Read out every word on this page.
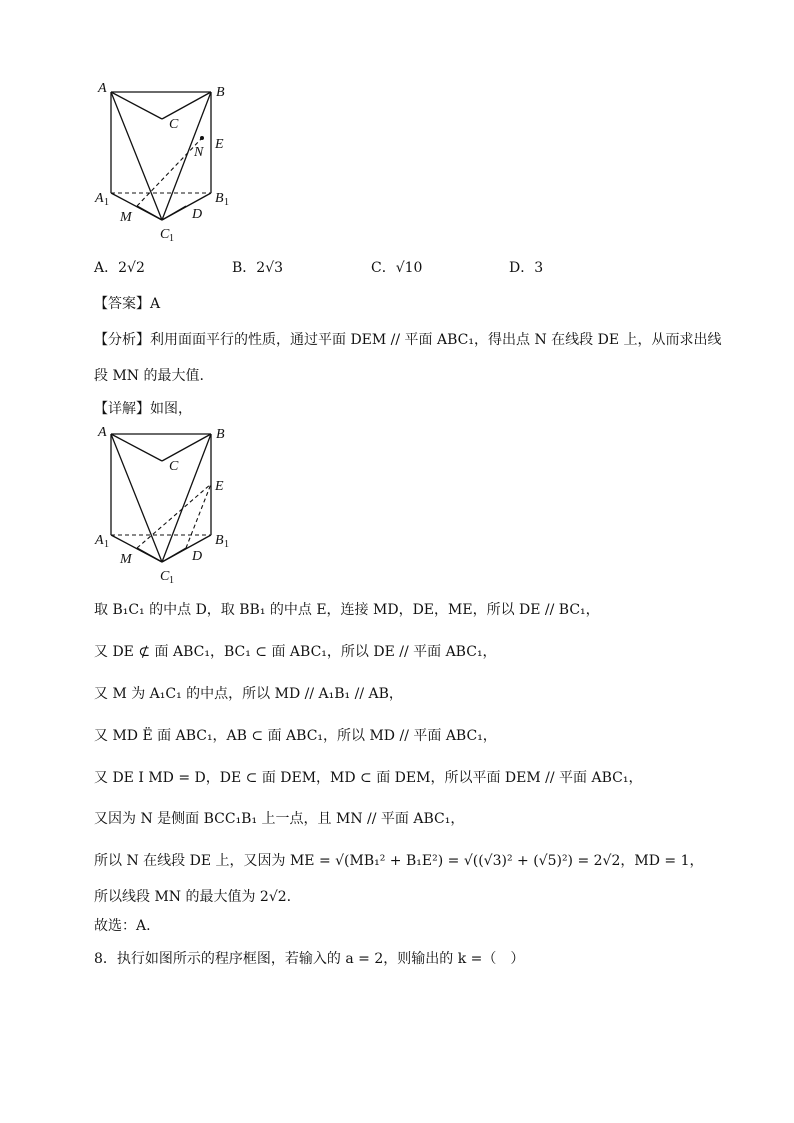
A	B
C
E
N
A 1	B 1
M	D
C 1
A．2√2	B．2√3	C．√10	D．3
【答案】A
【分析】利用面面平行的性质，通过平面 DEM // 平面 ABC₁，得出点 N 在线段 DE 上，从而求出线
段 MN 的最大值.
【详解】如图，
A	B
C
E
A 1	B 1
M	D
C 1
取 B₁C₁ 的中点 D，取 BB₁ 的中点 E，连接 MD，DE，ME，所以 DE // BC₁，
又 DE ⊄ 面 ABC₁，BC₁ ⊂ 面 ABC₁，所以 DE // 平面 ABC₁，
又 M 为 A₁C₁ 的中点，所以 MD // A₁B₁ // AB，
又 MD Ë 面 ABC₁，AB ⊂ 面 ABC₁，所以 MD // 平面 ABC₁，
又 DE I MD = D，DE ⊂ 面 DEM，MD ⊂ 面 DEM，所以平面 DEM // 平面 ABC₁，
又因为 N 是侧面 BCC₁B₁ 上一点，且 MN // 平面 ABC₁，
所以 N 在线段 DE 上，又因为 ME = √(MB₁² + B₁E²) = √((√3)² + (√5)²) = 2√2，MD = 1，
所以线段 MN 的最大值为 2√2.
故选：A.
8．执行如图所示的程序框图，若输入的 a = 2，则输出的 k =（　）
